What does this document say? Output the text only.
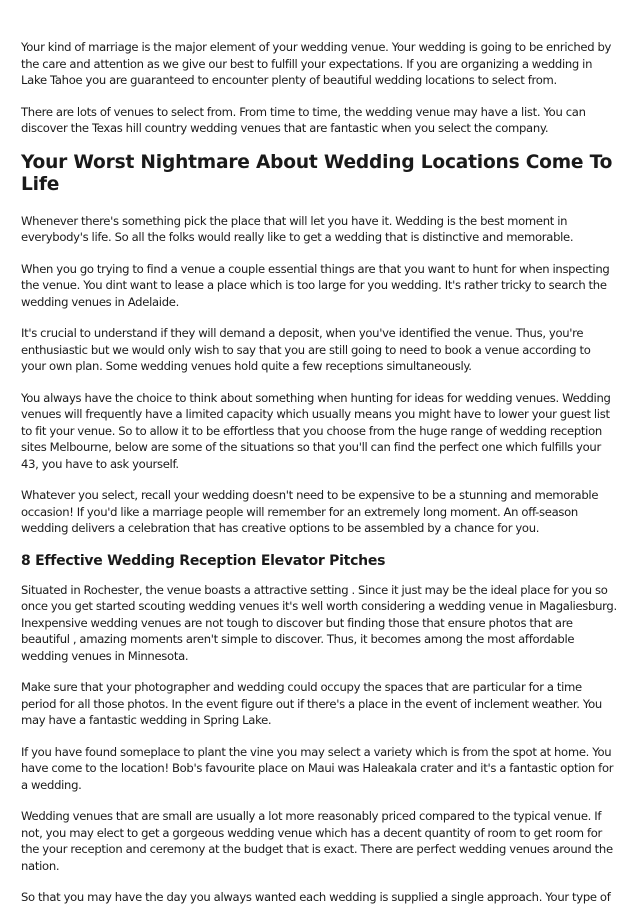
Your kind of marriage is the major element of your wedding venue. Your wedding is going to be enriched by the care and attention as we give our best to fulfill your expectations. If you are organizing a wedding in Lake Tahoe you are guaranteed to encounter plenty of beautiful wedding locations to select from.

There are lots of venues to select from. From time to time, the wedding venue may have a list. You can discover the Texas hill country wedding venues that are fantastic when you select the company.

Your Worst Nightmare About Wedding Locations Come To Life

Whenever there's something pick the place that will let you have it. Wedding is the best moment in everybody's life. So all the folks would really like to get a wedding that is distinctive and memorable.

When you go trying to find a venue a couple essential things are that you want to hunt for when inspecting the venue. You dint want to lease a place which is too large for you wedding. It's rather tricky to search the wedding venues in Adelaide.

It's crucial to understand if they will demand a deposit, when you've identified the venue. Thus, you're enthusiastic but we would only wish to say that you are still going to need to book a venue according to your own plan. Some wedding venues hold quite a few receptions simultaneously.

You always have the choice to think about something when hunting for ideas for wedding venues. Wedding venues will frequently have a limited capacity which usually means you might have to lower your guest list to fit your venue. So to allow it to be effortless that you choose from the huge range of wedding reception sites Melbourne, below are some of the situations so that you'll can find the perfect one which fulfills your 43, you have to ask yourself.

Whatever you select, recall your wedding doesn't need to be expensive to be a stunning and memorable occasion! If you'd like a marriage people will remember for an extremely long moment. An off-season wedding delivers a celebration that has creative options to be assembled by a chance for you.

8 Effective Wedding Reception Elevator Pitches

Situated in Rochester, the venue boasts a attractive setting . Since it just may be the ideal place for you so once you get started scouting wedding venues it's well worth considering a wedding venue in Magaliesburg. Inexpensive wedding venues are not tough to discover but finding those that ensure photos that are beautiful , amazing moments aren't simple to discover. Thus, it becomes among the most affordable wedding venues in Minnesota.

Make sure that your photographer and wedding could occupy the spaces that are particular for a time period for all those photos. In the event figure out if there's a place in the event of inclement weather. You may have a fantastic wedding in Spring Lake.

If you have found someplace to plant the vine you may select a variety which is from the spot at home. You have come to the location! Bob's favourite place on Maui was Haleakala crater and it's a fantastic option for a wedding.

Wedding venues that are small are usually a lot more reasonably priced compared to the typical venue. If not, you may elect to get a gorgeous wedding venue which has a decent quantity of room to get room for the your reception and ceremony at the budget that is exact. There are perfect wedding venues around the nation.

So that you may have the day you always wanted each wedding is supplied a single approach. Your type of
